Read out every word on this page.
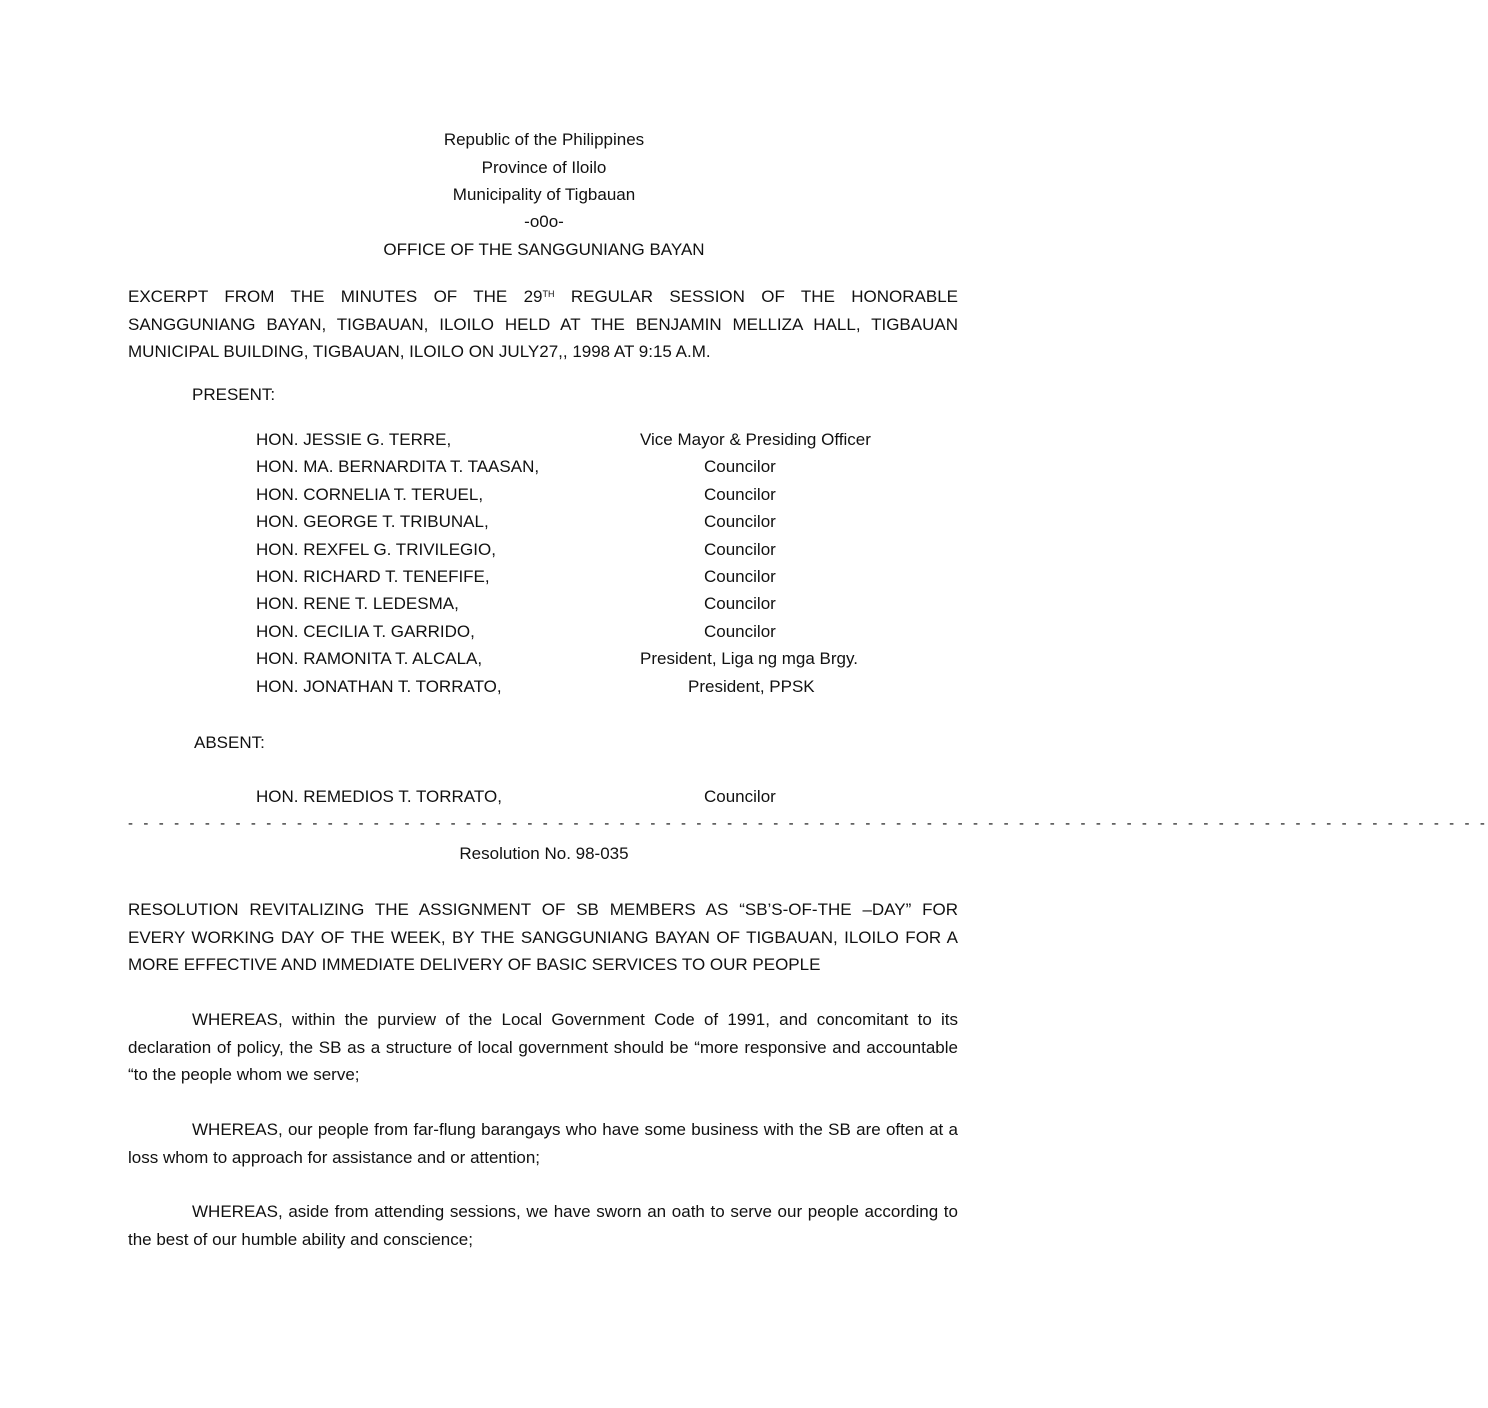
Republic of the Philippines
Province of Iloilo
Municipality of Tigbauan
-o0o-
OFFICE OF THE SANGGUNIANG BAYAN
EXCERPT FROM THE MINUTES OF THE 29TH REGULAR SESSION OF THE HONORABLE SANGGUNIANG BAYAN, TIGBAUAN, ILOILO HELD AT THE BENJAMIN MELLIZA HALL, TIGBAUAN MUNICIPAL BUILDING, TIGBAUAN, ILOILO ON JULY27,, 1998 AT 9:15 A.M.
PRESENT:
HON. JESSIE G. TERRE,	Vice Mayor & Presiding Officer
HON. MA. BERNARDITA T. TAASAN,	Councilor
HON. CORNELIA T. TERUEL,	Councilor
HON. GEORGE T. TRIBUNAL,	Councilor
HON. REXFEL G. TRIVILEGIO,	Councilor
HON. RICHARD T. TENEFIFE,	Councilor
HON. RENE T. LEDESMA,	Councilor
HON. CECILIA T. GARRIDO,	Councilor
HON. RAMONITA T. ALCALA,	President, Liga ng mga Brgy.
HON. JONATHAN T. TORRATO,	President, PPSK
ABSENT:
HON. REMEDIOS T. TORRATO,	Councilor
- - - - - - - - - - - - - - - - - - - - - - - - - - - - - - - - - - - - - - - - - - - - - - - - - - - - - - - - - - - - - - - - - - - - - - - - - - - - - - - - - - - - - - - - -
Resolution No. 98-035
RESOLUTION REVITALIZING THE ASSIGNMENT OF SB MEMBERS AS “SB’S-OF-THE –DAY” FOR EVERY WORKING DAY OF THE WEEK, BY THE SANGGUNIANG BAYAN OF TIGBAUAN, ILOILO FOR A MORE EFFECTIVE AND IMMEDIATE DELIVERY OF BASIC SERVICES TO OUR PEOPLE
WHEREAS, within the purview of the Local Government Code of 1991, and concomitant to its declaration of policy, the SB as a structure of local government should be “more responsive and accountable “to the people whom we serve;
WHEREAS, our people from far-flung barangays who have some business with the SB are often at a loss whom to approach for assistance and or attention;
WHEREAS, aside from attending sessions, we have sworn an oath to serve our people according to the best of our humble ability and conscience;
